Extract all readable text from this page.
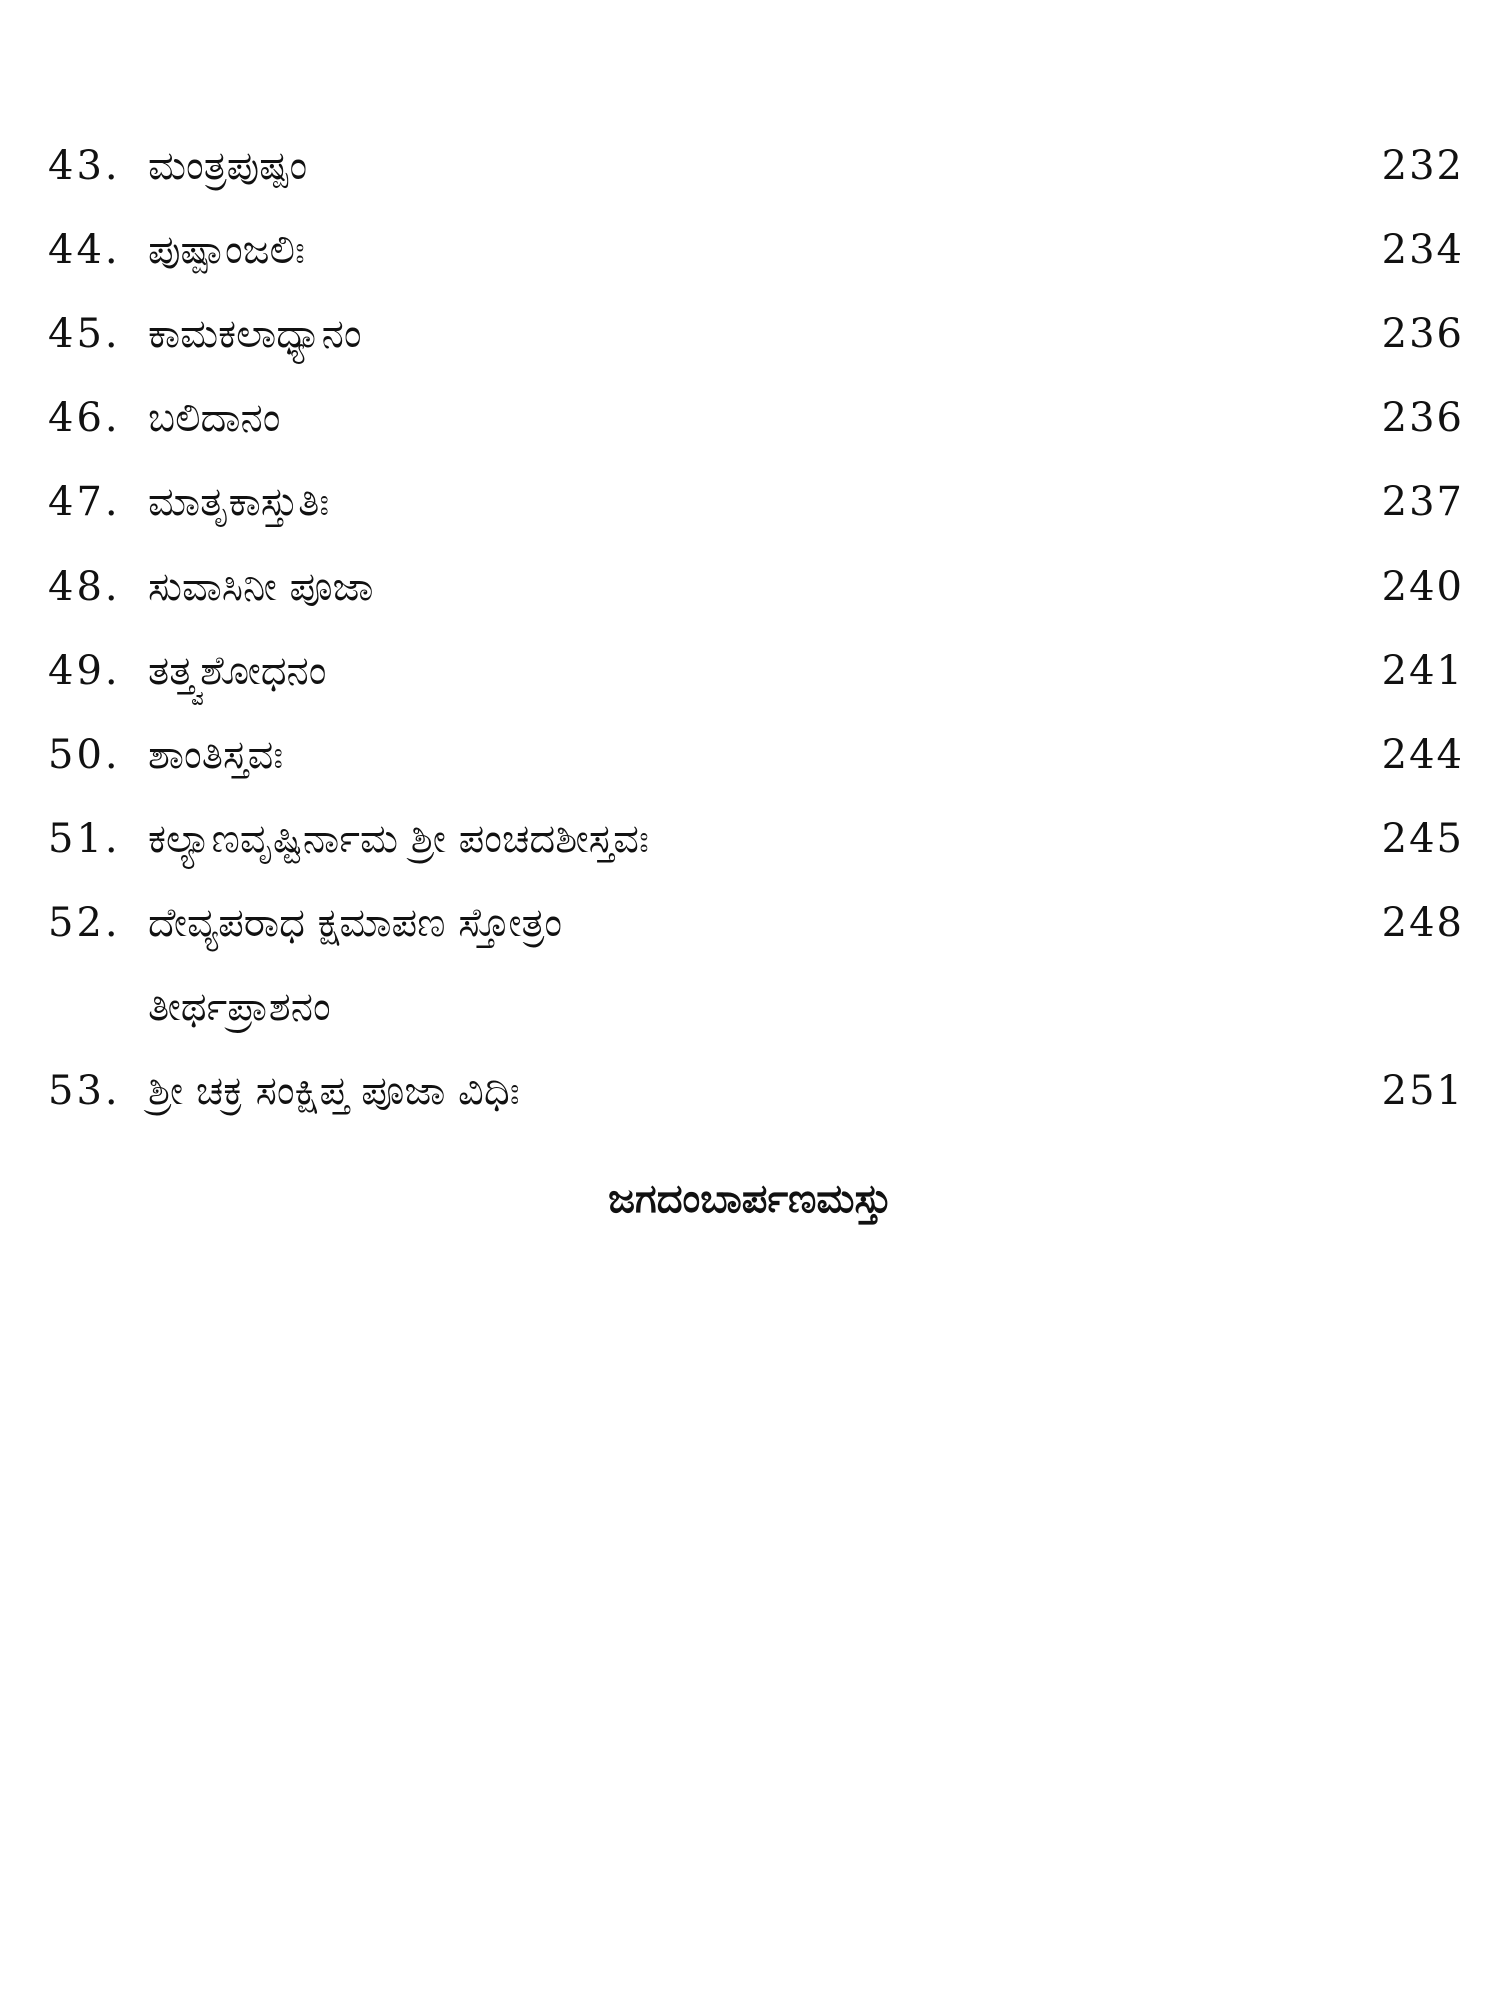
43. ಮಂತ್ರಪುಷ್ಪಂ	232
44. ಪುಷ್ಪಾಂಜಲಿಃ	234
45. ಕಾಮಕಲಾಧ್ಯಾನಂ	236
46. ಬಲಿದಾನಂ	236
47. ಮಾತೃಕಾಸ್ತುತಿಃ	237
48. ಸುವಾಸಿನೀ ಪೂಜಾ	240
49. ತತ್ತ್ವಶೋಧನಂ	241
50. ಶಾಂತಿಸ್ತವಃ	244
51. ಕಲ್ಯಾಣವೃಷ್ಟಿರ್ನಾಮ ಶ್ರೀ ಪಂಚದಶೀಸ್ತವಃ	245
52. ದೇವ್ಯಪರಾಧ ಕ್ಷಮಾಪಣ ಸ್ತೋತ್ರಂ	248
ತೀರ್ಥಪ್ರಾಶನಂ
53. ಶ್ರೀ ಚಕ್ರ ಸಂಕ್ಷಿಪ್ತ ಪೂಜಾ ವಿಧಿಃ	251
ಜಗದಂಬಾರ್ಪಣಮಸ್ತು
